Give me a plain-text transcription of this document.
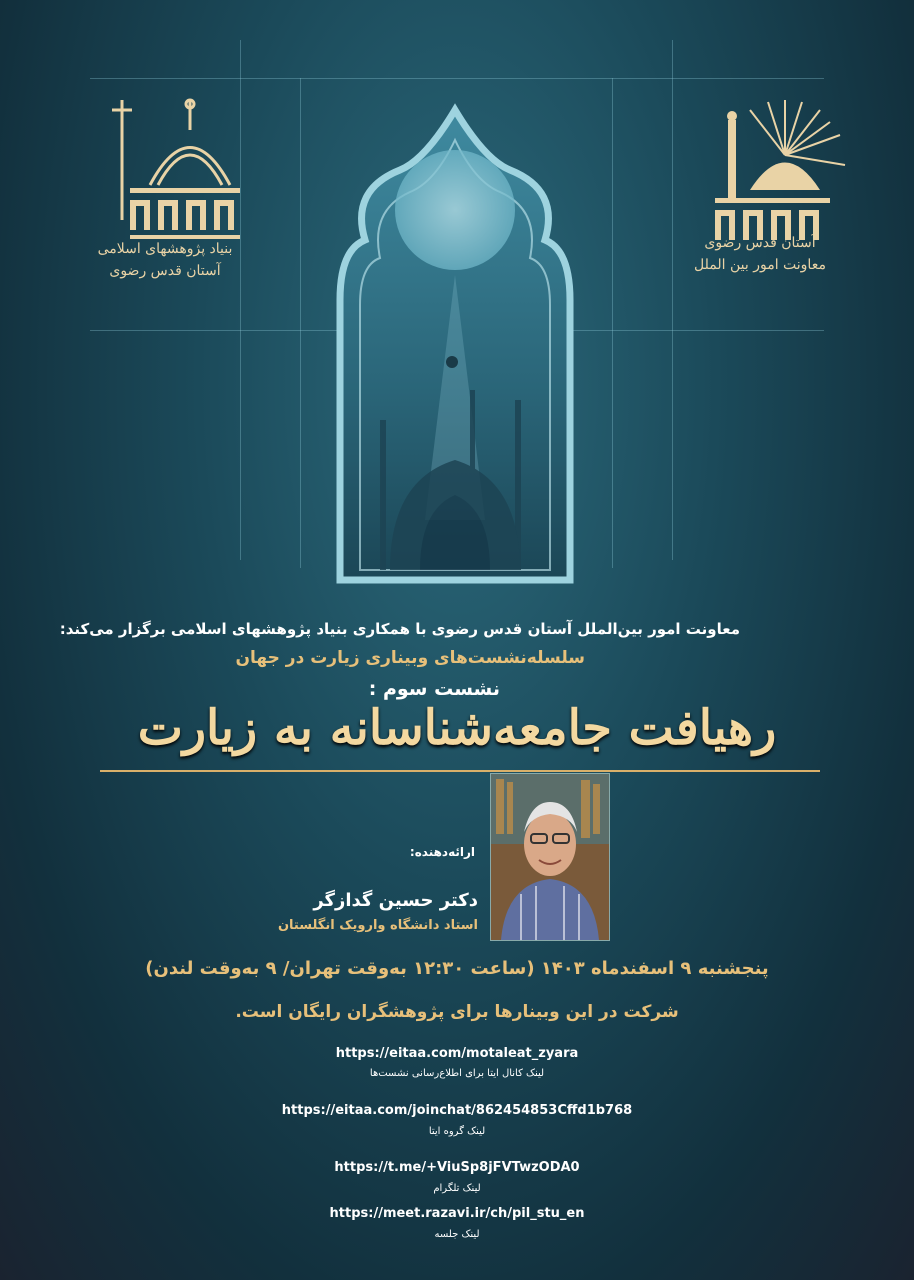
بنیاد پژوهشهای اسلامی
آستان قدس رضوی
آستان قدس رضوی
معاونت امور بین الملل
معاونت امور بین‌الملل آستان قدس رضوی با همکاری بنیاد پژوهشهای اسلامی برگزار می‌کند:
سلسله‌نشست‌های وبیناری زیارت در جهان
نشست سوم :
رهیافت جامعه‌شناسانه به زیارت
ارائه‌دهنده:
دکتر حسین گدازگر
استاد دانشگاه وارویک انگلستان
پنجشنبه ۹ اسفندماه ۱۴۰۳ (ساعت ۱۲:۳۰ به‌وقت تهران/ ۹ به‌وقت لندن)
شرکت در این وبینارها برای پژوهشگران رایگان است.
https://eitaa.com/motaleat_zyara
لینک کانال ایتا برای اطلاع‌رسانی نشست‌ها
https://eitaa.com/joinchat/862454853Cffd1b768
لینک گروه ایتا
https://t.me/+ViuSp8jFVTwzODA0
لینک تلگرام
https://meet.razavi.ir/ch/pil_stu_en
لینک جلسه
